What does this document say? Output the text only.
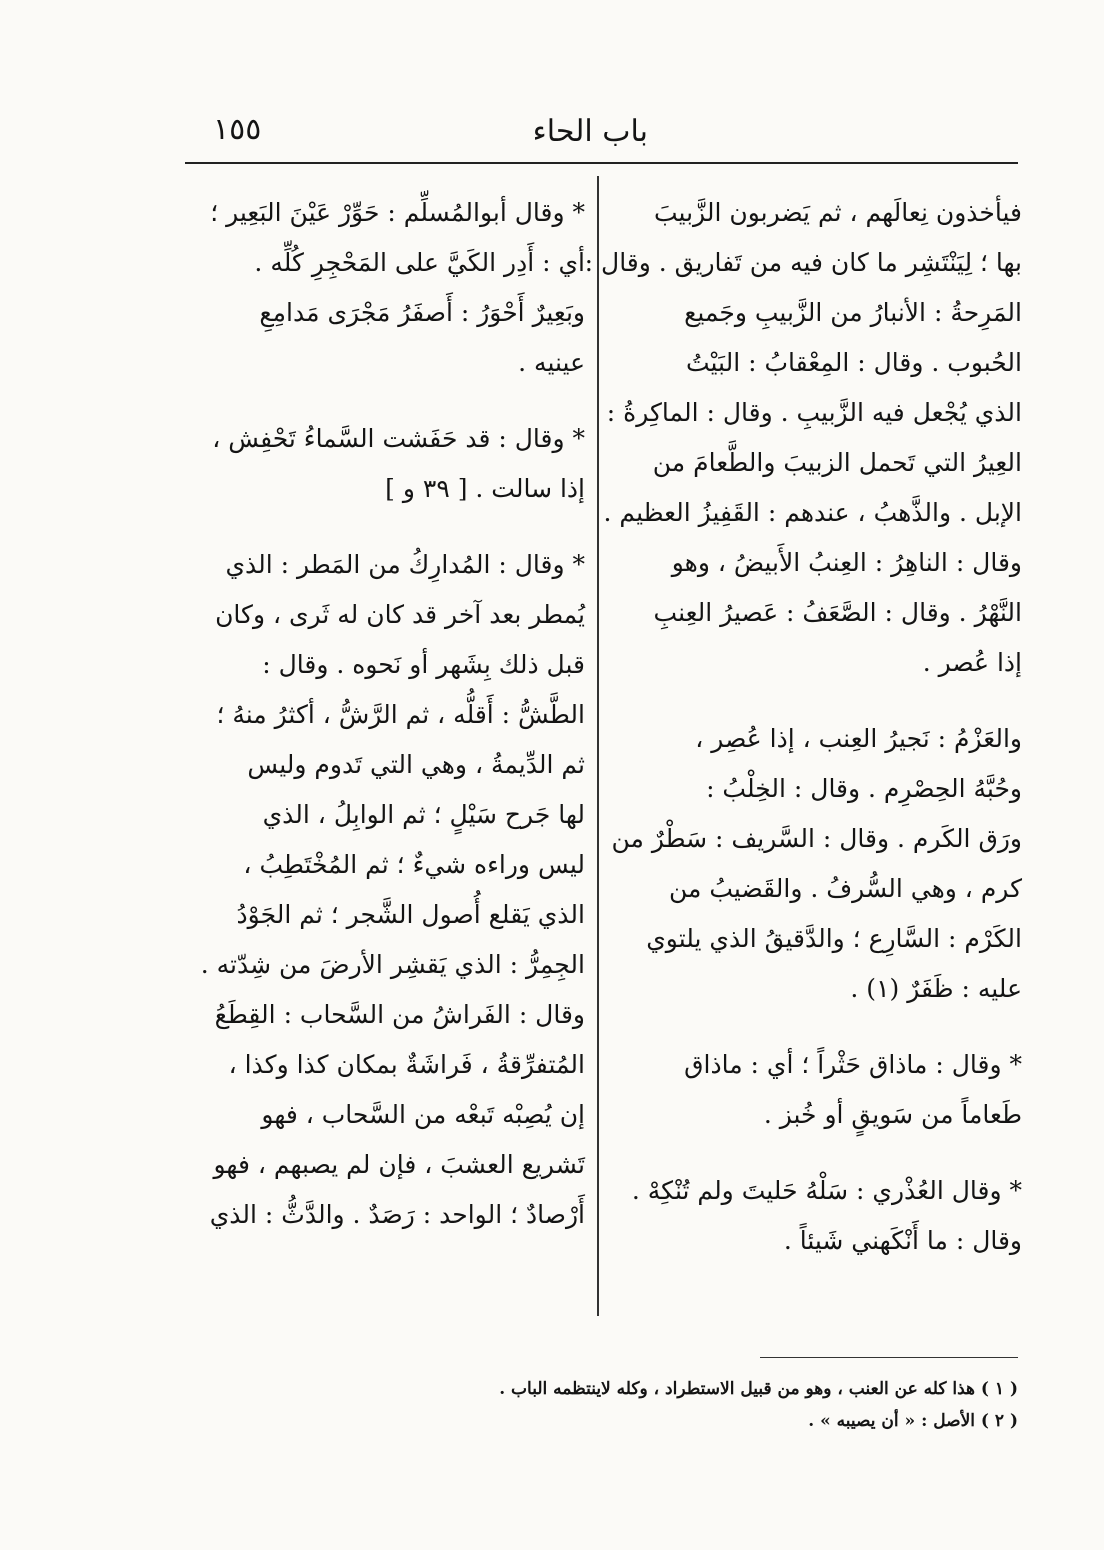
١٥٥	باب الحاء
فيأخذون نِعالَهم ، ثم يَضربون الزَّبيبَ
بها ؛ لِيَنْتَشِر ما كان فيه من تَفاريق . وقال :
المَرِحةُ : الأنبارُ من الزَّبيبِ وجَميع
الحُبوب . وقال : المِعْقابُ : البَيْتُ
الذي يُجْعل فيه الزَّبيبِ . وقال : الماكِرةُ :
العِيرُ التي تَحمل الزبيبَ والطَّعامَ من
الإبل . والذَّهبُ ، عندهم : القَفِيزُ العظيم .
وقال : الناهِرُ : العِنبُ الأَبيضُ ، وهو
النَّهْرُ . وقال : الصَّعَفُ : عَصيرُ العِنبِ
إذا عُصر .
والعَزْمُ : نَجيرُ العِنب ، إذا عُصِر ،
وحُبَّهُ الحِصْرِم . وقال : الخِلْبُ :
ورَق الكَرم . وقال : السَّريف : سَطْرٌ من
كرم ، وهي السُّرفُ . والقَضيبُ من
الكَرْم : السَّارِع ؛ والدَّقيقُ الذي يلتوي
عليه : ظَفَرٌ (١) .
* وقال : ماذاق حَثْراً ؛ أي : ماذاق
طَعاماً من سَويقٍ أو خُبز .
* وقال العُذْري : سَلْهُ حَليتَ ولم تُنْكِهْ .
وقال : ما أَنْكَهني شَيئاً .
* وقال أبوالمُسلِّم : حَوِّرْ عَيْنَ البَعِير ؛
أي : أَدِر الكَيَّ على المَحْجِرِ كُلِّه .
وبَعِيرٌ أَحْوَرُ : أَصفَرُ مَجْرَى مَدامِعِ
عينيه .
* وقال : قد حَفَشت السَّماءُ تَحْفِش ،
إذا سالت . [ ٣٩ و ]
* وقال : المُدارِكُ من المَطر : الذي
يُمطر بعد آخر قد كان له ثَرى ، وكان
قبل ذلك بِشَهر أو نَحوه . وقال :
الطَّشُّ : أَقلُّه ، ثم الرَّشُّ ، أكثرُ منهُ ؛
ثم الدِّيمةُ ، وهي التي تَدوم وليس
لها جَرح سَيْلٍ ؛ ثم الوابِلُ ، الذي
ليس وراءه شيءٌ ؛ ثم المُخْتَطِبُ ،
الذي يَقلع أُصول الشَّجر ؛ ثم الجَوْدُ
الجِمِرُّ : الذي يَقشِر الأرضَ من شِدّته .
وقال : الفَراشُ من السَّحاب : القِطَعُ
المُتفرِّقةُ ، فَراشَةٌ بمكان كذا وكذا ،
إن يُصِبْه تَبعْه من السَّحاب ، فهو
تَشريع العشبَ ، فإن لم يصبهم ، فهو
أَرْصادٌ ؛ الواحد : رَصَدٌ . والدَّثُّ : الذي
( ١ ) هذا كله عن العنب ، وهو من قبيل الاستطراد ، وكله لاينتظمه الباب .
( ٢ ) الأصل : « أن يصيبه » .
